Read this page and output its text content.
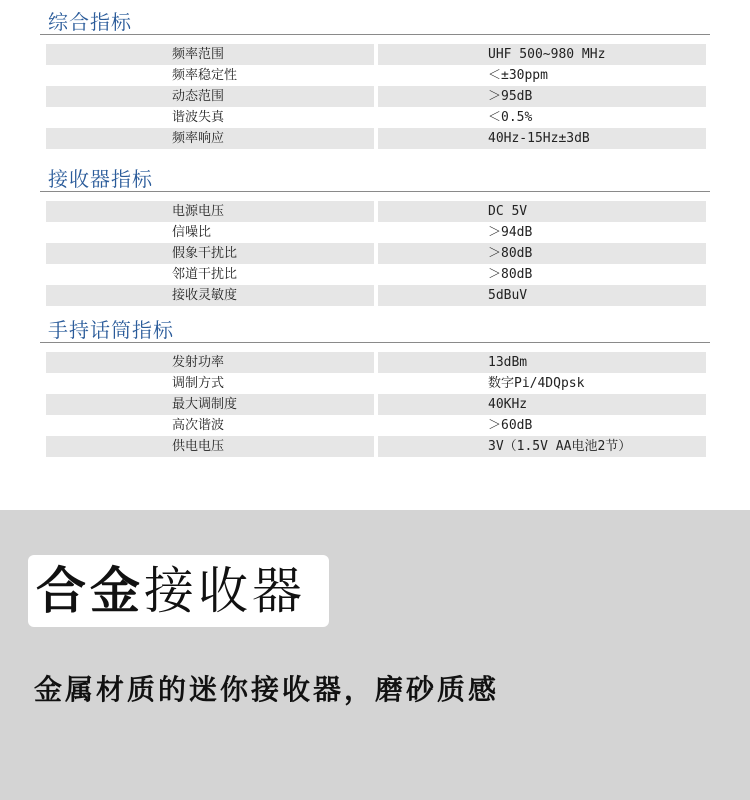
综合指标
频率范围	UHF 500~980 MHz
频率稳定性	＜±30ppm
动态范围	＞95dB
谐波失真	＜0.5%
频率响应	40Hz-15Hz±3dB
接收器指标
电源电压	DC 5V
信噪比	＞94dB
假象干扰比	＞80dB
邻道干扰比	＞80dB
接收灵敏度	5dBuV
手持话筒指标
发射功率	13dBm
调制方式	数字Pi/4DQpsk
最大调制度	40KHz
高次谐波	＞60dB
供电电压	3V（1.5V AA电池2节）
合金接收器
金属材质的迷你接收器，磨砂质感
